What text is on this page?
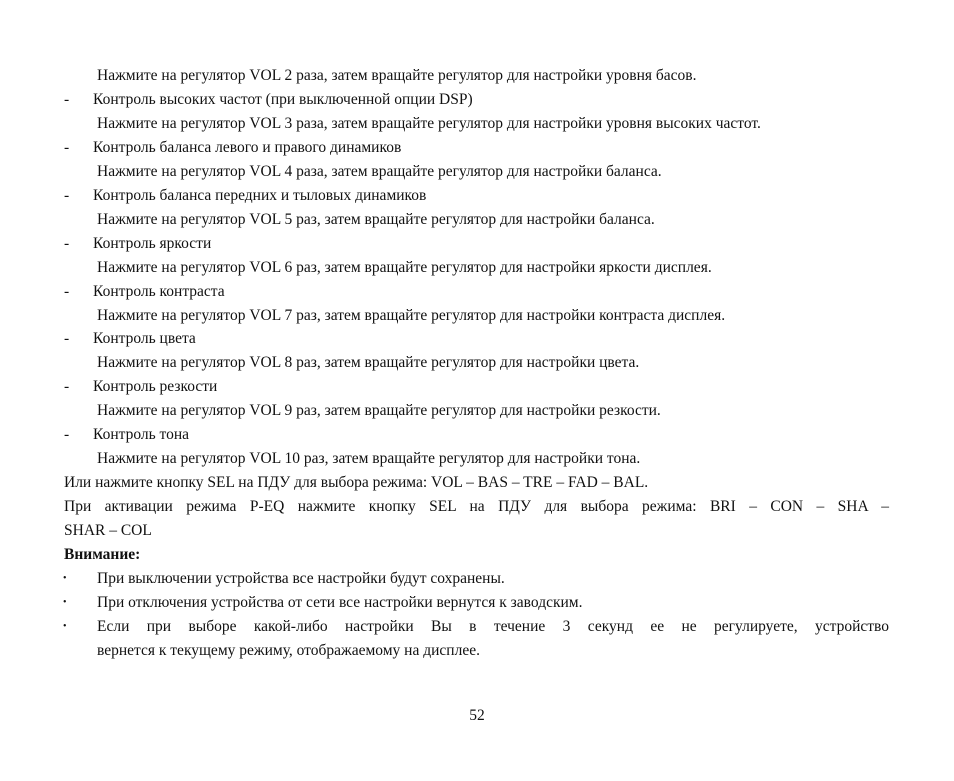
Нажмите на регулятор VOL 2 раза, затем вращайте регулятор для настройки уровня басов.
- Контроль высоких частот (при выключенной опции DSP)
Нажмите на регулятор VOL 3 раза, затем вращайте регулятор для настройки уровня высоких частот.
- Контроль баланса левого и правого динамиков
Нажмите на регулятор VOL 4 раза, затем вращайте регулятор для настройки баланса.
- Контроль баланса передних и тыловых динамиков
Нажмите на регулятор VOL 5 раз, затем вращайте регулятор для настройки баланса.
- Контроль яркости
Нажмите на регулятор VOL 6 раз, затем вращайте регулятор для настройки яркости дисплея.
- Контроль контраста
Нажмите на регулятор VOL 7 раз, затем вращайте регулятор для настройки контраста дисплея.
- Контроль цвета
Нажмите на регулятор VOL 8 раз, затем вращайте регулятор для настройки цвета.
- Контроль резкости
Нажмите на регулятор VOL 9 раз, затем вращайте регулятор для настройки резкости.
- Контроль тона
Нажмите на регулятор VOL 10 раз, затем вращайте регулятор для настройки тона.
Или нажмите кнопку SEL на ПДУ для выбора режима: VOL – BAS – TRE – FAD – BAL.
При активации режима P-EQ нажмите кнопку SEL на ПДУ для выбора режима: BRI – CON – SHA –
SHAR – COL
Внимание:
• При выключении устройства все настройки будут сохранены.
• При отключения устройства от сети все настройки вернутся к заводским.
• Если при выборе какой-либо настройки Вы в течение 3 секунд ее не регулируете, устройство
вернется к текущему режиму, отображаемому на дисплее.
52
